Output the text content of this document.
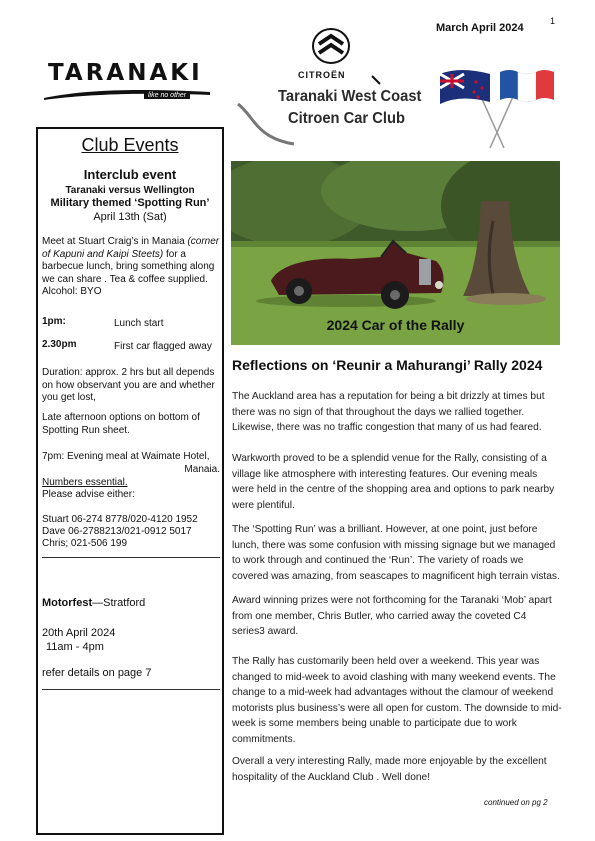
March April 2024
1
TARANAKI
like no other
CITROËN
Taranaki West Coast
Citroen Car Club
Club Events
Interclub event
Taranaki versus Wellington
Military themed ‘Spotting Run’
April 13th (Sat)
Meet at Stuart Craig’s in Manaia (corner of Kapuni and Kaipi Steets) for a barbecue lunch, bring something along we can share . Tea & coffee supplied. Alcohol: BYO
1pm:	Lunch start
2.30pm	First car flagged away
Duration: approx. 2 hrs but all depends on how observant you are and whether you get lost,
Late afternoon options on bottom of Spotting Run sheet.
7pm: Evening meal at Waimate Hotel,
Manaia.
Numbers essential.
Please advise either:
Stuart 06-274 8778/020-4120 1952
Dave 06-2788213/021-0912 5017
Chris; 021-506 199
Motorfest—Stratford
20th April 2024
11am - 4pm
refer details on page 7
2024 Car of the Rally
Reflections on ‘Reunir a Mahurangi’ Rally 2024
The Auckland area has a reputation for being a bit drizzly at times but there was no sign of that throughout the days we rallied together. Likewise, there was no traffic congestion that many of us had feared.
Warkworth proved to be a splendid venue for the Rally, consisting of a village like atmosphere with interesting features. Our evening meals were held in the centre of the shopping area and options to park nearby were plentiful.
The ‘Spotting Run’ was a brilliant. However, at one point, just before lunch, there was some confusion with missing signage but we managed to work through and continued the ‘Run’. The variety of roads we covered was amazing, from seascapes to magnificent high terrain vistas.
Award winning prizes were not forthcoming for the Taranaki ‘Mob’ apart from one member, Chris Butler, who carried away the coveted C4 series3 award.
The Rally has customarily been held over a weekend. This year was changed to mid-week to avoid clashing with many weekend events. The change to a mid-week had advantages without the clamour of weekend motorists plus business’s were all open for custom. The downside to mid-week is some members being unable to participate due to work commitments.
Overall a very interesting Rally, made more enjoyable by the excellent hospitality of the Auckland Club . Well done!
continued on pg 2
